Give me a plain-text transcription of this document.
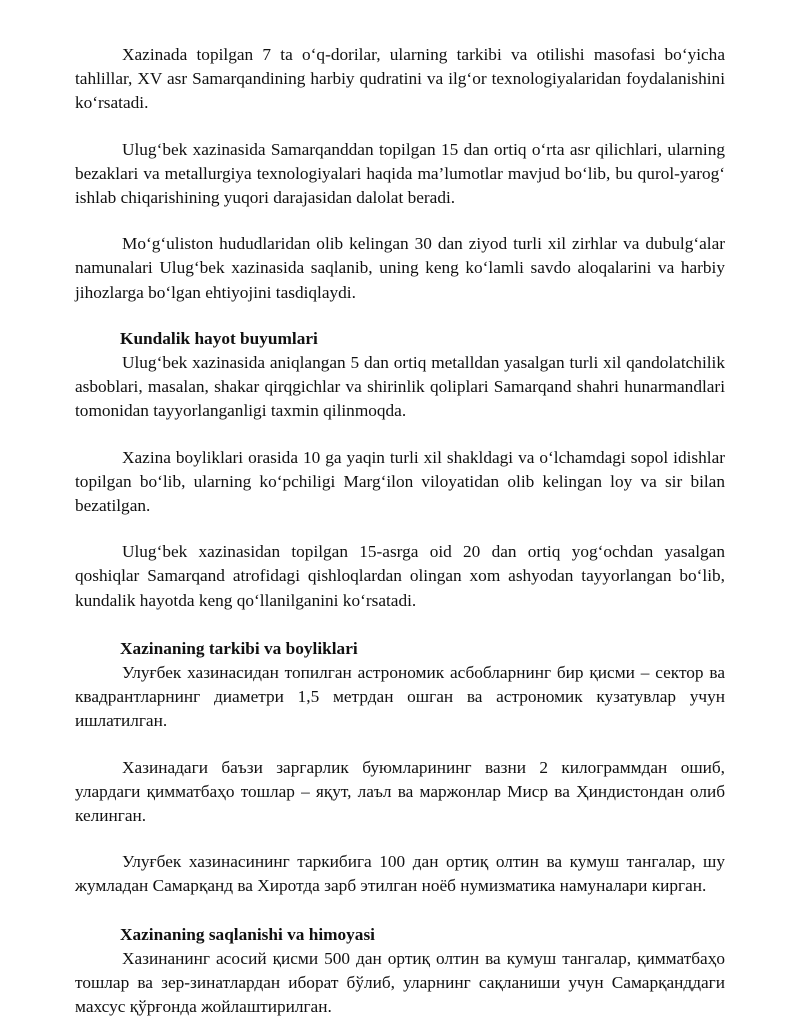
Xazinada topilgan 7 ta o‘q-dorilar, ularning tarkibi va otilishi masofasi bo‘yicha tahlillar, XV asr Samarqandining harbiy qudratini va ilg‘or texnologiyalaridan foydalanishini ko‘rsatadi.

Ulug‘bek xazinasida Samarqanddan topilgan 15 dan ortiq o‘rta asr qilichlari, ularning bezaklari va metallurgiya texnologiyalari haqida ma’lumotlar mavjud bo‘lib, bu qurol-yarog‘ ishlab chiqarishining yuqori darajasidan dalolat beradi.

Mo‘g‘uliston hududlaridan olib kelingan 30 dan ziyod turli xil zirhlar va dubulg‘alar namunalari Ulug‘bek xazinasida saqlanib, uning keng ko‘lamli savdo aloqalarini va harbiy jihozlarga bo‘lgan ehtiyojini tasdiqlaydi.

Kundalik hayot buyumlari

Ulug‘bek xazinasida aniqlangan 5 dan ortiq metalldan yasalgan turli xil qandolatchilik asboblari, masalan, shakar qirqgichlar va shirinlik qoliplari Samarqand shahri hunarmandlari tomonidan tayyorlanganligi taxmin qilinmoqda.

Xazina boyliklari orasida 10 ga yaqin turli xil shakldagi va o‘lchamdagi sopol idishlar topilgan bo‘lib, ularning ko‘pchiligi Marg‘ilon viloyatidan olib kelingan loy va sir bilan bezatilgan.

Ulug‘bek xazinasidan topilgan 15-asrga oid 20 dan ortiq yog‘ochdan yasalgan qoshiqlar Samarqand atrofidagi qishloqlardan olingan xom ashyodan tayyorlangan bo‘lib, kundalik hayotda keng qo‘llanilganini ko‘rsatadi.

Xazinaning tarkibi va boyliklari

Улуғбек хазинасидан топилган астрономик асбобларнинг бир қисми – сектор ва квадрантларнинг диаметри 1,5 метрдан ошган ва астрономик кузатувлар учун ишлатилган.

Хазинадаги баъзи заргарлик буюмларининг вазни 2 килограммдан ошиб, улардаги қимматбаҳо тошлар – яқут, лаъл ва маржонлар Миср ва Ҳиндистондан олиб келинган.

Улуғбек хазинасининг таркибига 100 дан ортиқ олтин ва кумуш тангалар, шу жумладан Самарқанд ва Хиротда зарб этилган ноёб нумизматика намуналари кирган.

Xazinaning saqlanishi va himoyasi

Хазинанинг асосий қисми 500 дан ортиқ олтин ва кумуш тангалар, қимматбаҳо тошлар ва зер-зинатлардан иборат бўлиб, уларнинг сақланиши учун Самарқанддаги махсус қўрғонда жойлаштирилган.
